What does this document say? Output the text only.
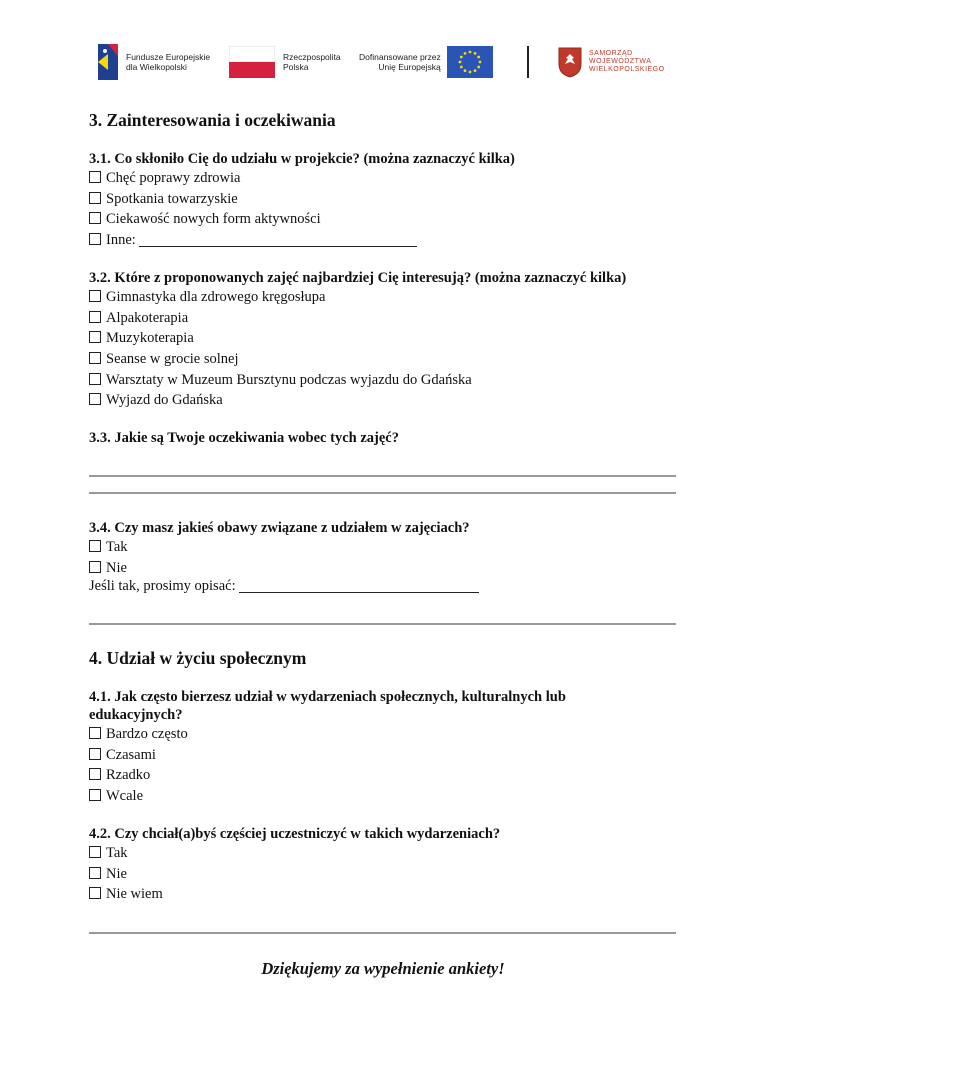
Fundusze Europejskie
dla Wielkopolski
Rzeczpospolita
Polska
Dofinansowane przez
Unię Europejską
SAMORZĄD
WOJEWÓDZTWA
WIELKOPOLSKIEGO
3. Zainteresowania i oczekiwania
3.1. Co skłoniło Cię do udziału w projekcie? (można zaznaczyć kilka)
Chęć poprawy zdrowia
Spotkania towarzyskie
Ciekawość nowych form aktywności
Inne:
3.2. Które z proponowanych zajęć najbardziej Cię interesują? (można zaznaczyć kilka)
Gimnastyka dla zdrowego kręgosłupa
Alpakoterapia
Muzykoterapia
Seanse w grocie solnej
Warsztaty w Muzeum Bursztynu podczas wyjazdu do Gdańska
Wyjazd do Gdańska
3.3. Jakie są Twoje oczekiwania wobec tych zajęć?
3.4. Czy masz jakieś obawy związane z udziałem w zajęciach?
Tak
Nie
Jeśli tak, prosimy opisać:
4. Udział w życiu społecznym
4.1. Jak często bierzesz udział w wydarzeniach społecznych, kulturalnych lub edukacyjnych?
Bardzo często
Czasami
Rzadko
Wcale
4.2. Czy chciał(a)byś częściej uczestniczyć w takich wydarzeniach?
Tak
Nie
Nie wiem
Dziękujemy za wypełnienie ankiety!
